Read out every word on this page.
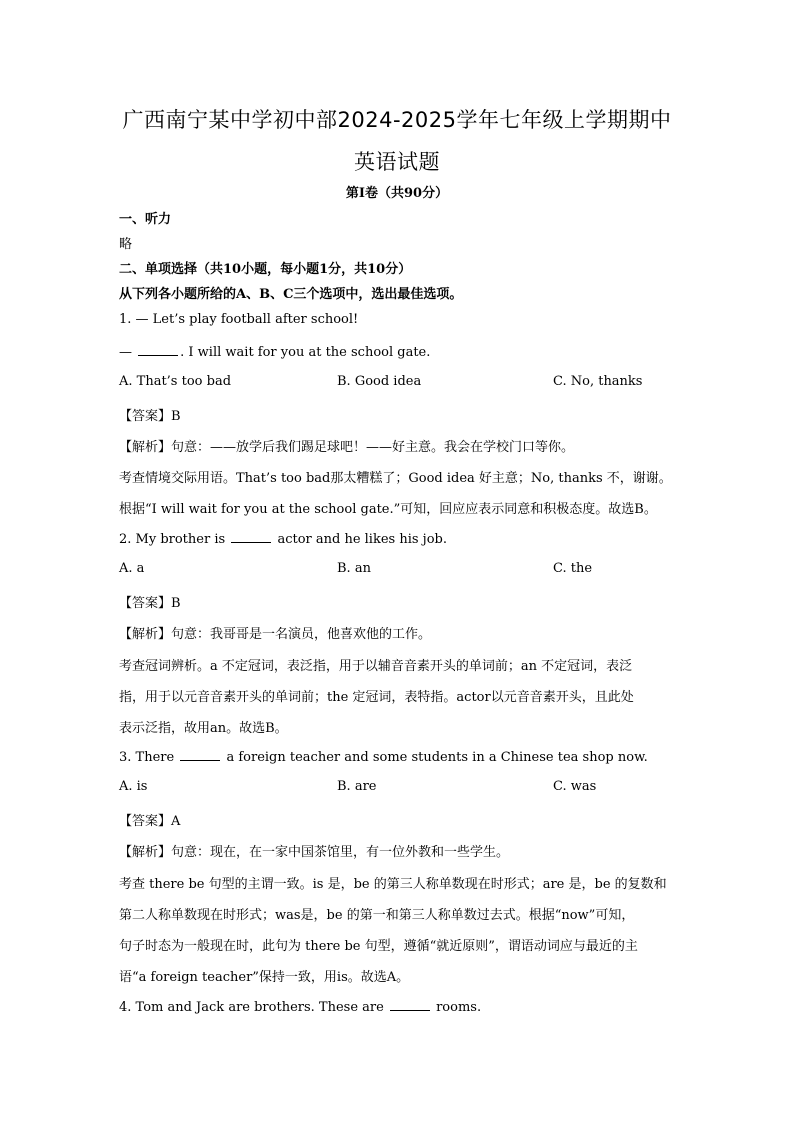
广西南宁某中学初中部2024-2025学年七年级上学期期中
英语试题
第Ⅰ卷（共90分）
一、听力
略
二、单项选择（共10小题，每小题1分，共10分）
从下列各小题所给的A、B、C三个选项中，选出最佳选项。
1. — Let’s play football after school!
—	. I will wait for you at the school gate.
A. That’s too bad	B. Good idea	C. No, thanks
【答案】B
【解析】句意：——放学后我们踢足球吧！——好主意。我会在学校门口等你。
考查情境交际用语。That’s too bad那太糟糕了；Good idea 好主意；No, thanks 不，谢谢。
根据“I will wait for you at the school gate.”可知，回应应表示同意和积极态度。故选B。
2. My brother is	actor and he likes his job.
A. a	B. an	C. the
【答案】B
【解析】句意：我哥哥是一名演员，他喜欢他的工作。
考查冠词辨析。a 不定冠词，表泛指，用于以辅音音素开头的单词前；an 不定冠词，表泛
指，用于以元音音素开头的单词前；the 定冠词，表特指。actor以元音音素开头，且此处
表示泛指，故用an。故选B。
3. There	a foreign teacher and some students in a Chinese tea shop now.
A. is	B. are	C. was
【答案】A
【解析】句意：现在，在一家中国茶馆里，有一位外教和一些学生。
考查 there be 句型的主谓一致。is 是，be 的第三人称单数现在时形式；are 是，be 的复数和
第二人称单数现在时形式；was是，be 的第一和第三人称单数过去式。根据“now”可知，
句子时态为一般现在时，此句为 there be 句型，遵循“就近原则”，谓语动词应与最近的主
语“a foreign teacher”保持一致，用is。故选A。
4. Tom and Jack are brothers. These are	rooms.
